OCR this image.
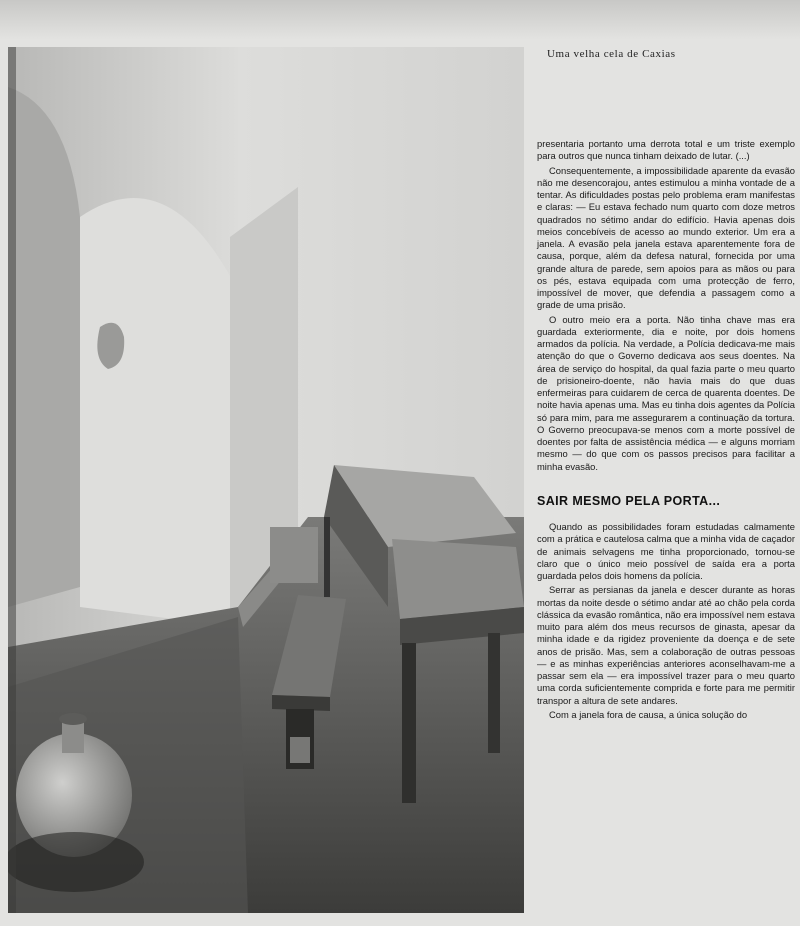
Uma velha cela de Caxias

presentaria portanto uma derrota total e um triste exemplo para outros que nunca tinham deixado de lutar. (...)

Consequentemente, a impossibilidade aparente da evasão não me desencorajou, antes estimulou a minha vontade de a tentar. As dificuldades postas pelo problema eram manifestas e claras: — Eu estava fechado num quarto com doze metros quadrados no sétimo andar do edifício. Havia apenas dois meios concebíveis de acesso ao mundo exterior. Um era a janela. A evasão pela janela estava aparentemente fora de causa, porque, além da defesa natural, fornecida por uma grande altura de parede, sem apoios para as mãos ou para os pés, estava equipada com uma protecção de ferro, impossível de mover, que defendia a passagem como a grade de uma prisão.

O outro meio era a porta. Não tinha chave mas era guardada exteriormente, dia e noite, por dois homens armados da polícia. Na verdade, a Polícia dedicava-me mais atenção do que o Governo dedicava aos seus doentes. Na área de serviço do hospital, da qual fazia parte o meu quarto de prisioneiro-doente, não havia mais do que duas enfermeiras para cuidarem de cerca de quarenta doentes. De noite havia apenas uma. Mas eu tinha dois agentes da Polícia só para mim, para me assegurarem a continuação da tortura. O Governo preocupava-se menos com a morte possível de doentes por falta de assistência médica — e alguns morriam mesmo — do que com os passos precisos para facilitar a minha evasão.

SAIR MESMO PELA PORTA...

Quando as possibilidades foram estudadas calmamente com a prática e cautelosa calma que a minha vida de caçador de animais selvagens me tinha proporcionado, tornou-se claro que o único meio possível de saída era a porta guardada pelos dois homens da polícia.

Serrar as persianas da janela e descer durante as horas mortas da noite desde o sétimo andar até ao chão pela corda clássica da evasão romântica, não era impossível nem estava muito para além dos meus recursos de ginasta, apesar da minha idade e da rigidez proveniente da doença e de sete anos de prisão. Mas, sem a colaboração de outras pessoas — e as minhas experiências anteriores aconselhavam-me a passar sem ela — era impossível trazer para o meu quarto uma corda suficientemente comprida e forte para me permitir transpor a altura de sete andares.

Com a janela fora de causa, a única solução do
